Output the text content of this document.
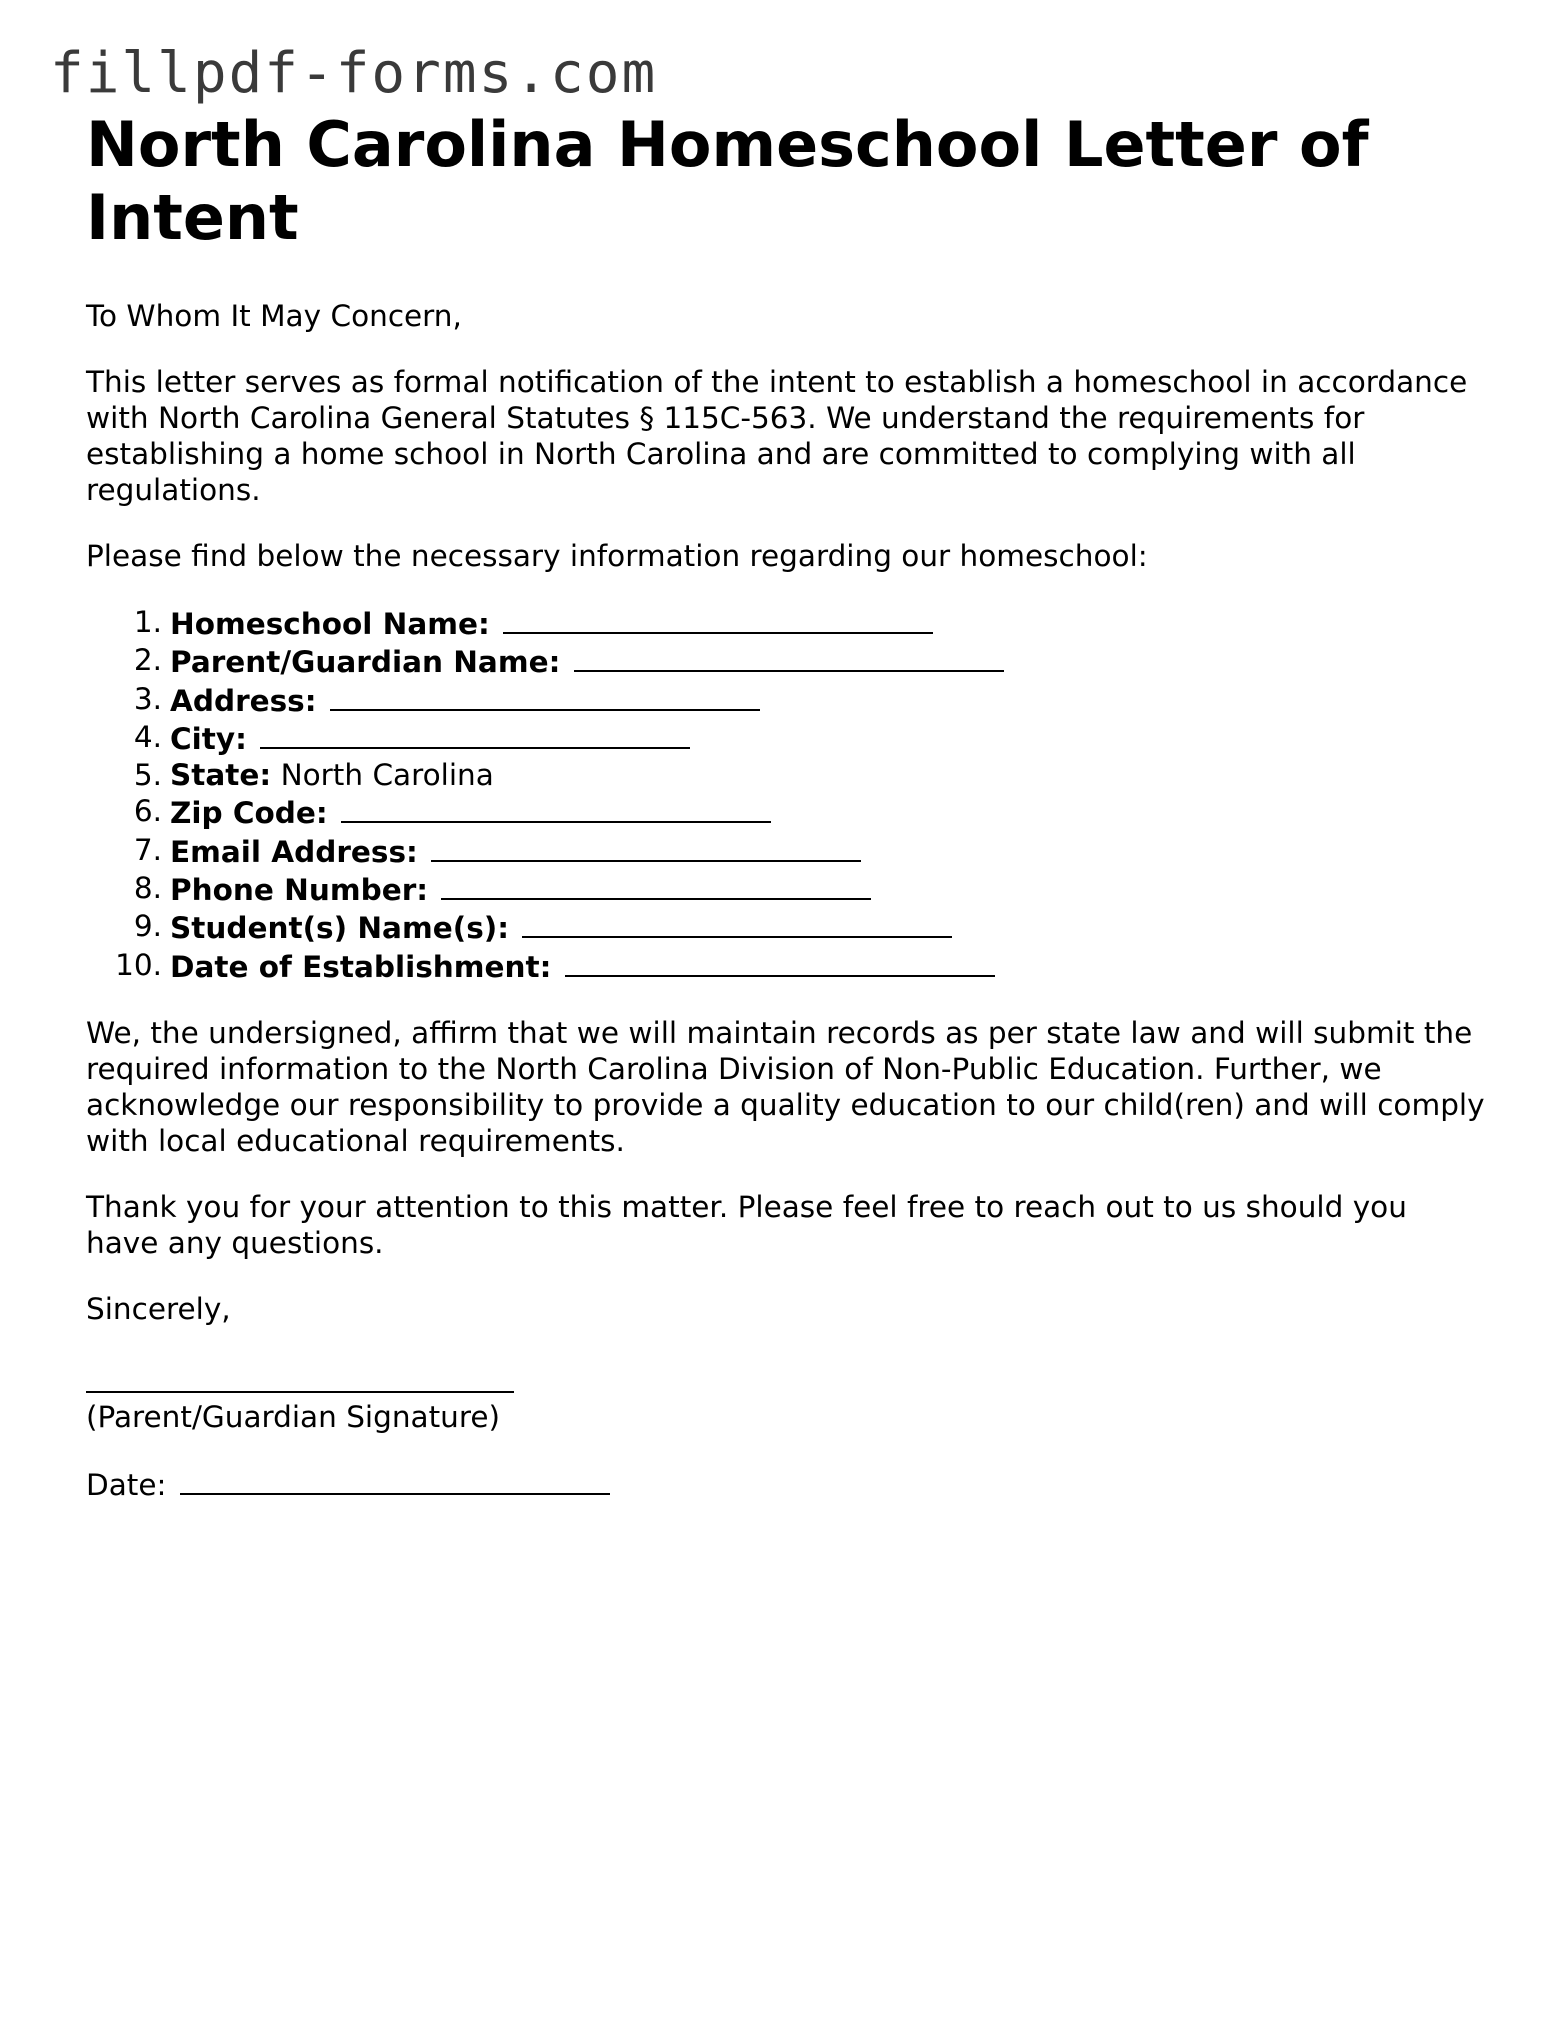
fillpdf-forms.com
North Carolina Homeschool Letter of Intent

To Whom It May Concern,

This letter serves as formal notification of the intent to establish a homeschool in accordance with North Carolina General Statutes § 115C-563. We understand the requirements for establishing a home school in North Carolina and are committed to complying with all regulations.

Please find below the necessary information regarding our homeschool:

1. Homeschool Name:
2. Parent/Guardian Name:
3. Address:
4. City:
5. State: North Carolina
6. Zip Code:
7. Email Address:
8. Phone Number:
9. Student(s) Name(s):
10. Date of Establishment:

We, the undersigned, affirm that we will maintain records as per state law and will submit the required information to the North Carolina Division of Non-Public Education. Further, we acknowledge our responsibility to provide a quality education to our child(ren) and will comply with local educational requirements.

Thank you for your attention to this matter. Please feel free to reach out to us should you have any questions.

Sincerely,

(Parent/Guardian Signature)

Date:
